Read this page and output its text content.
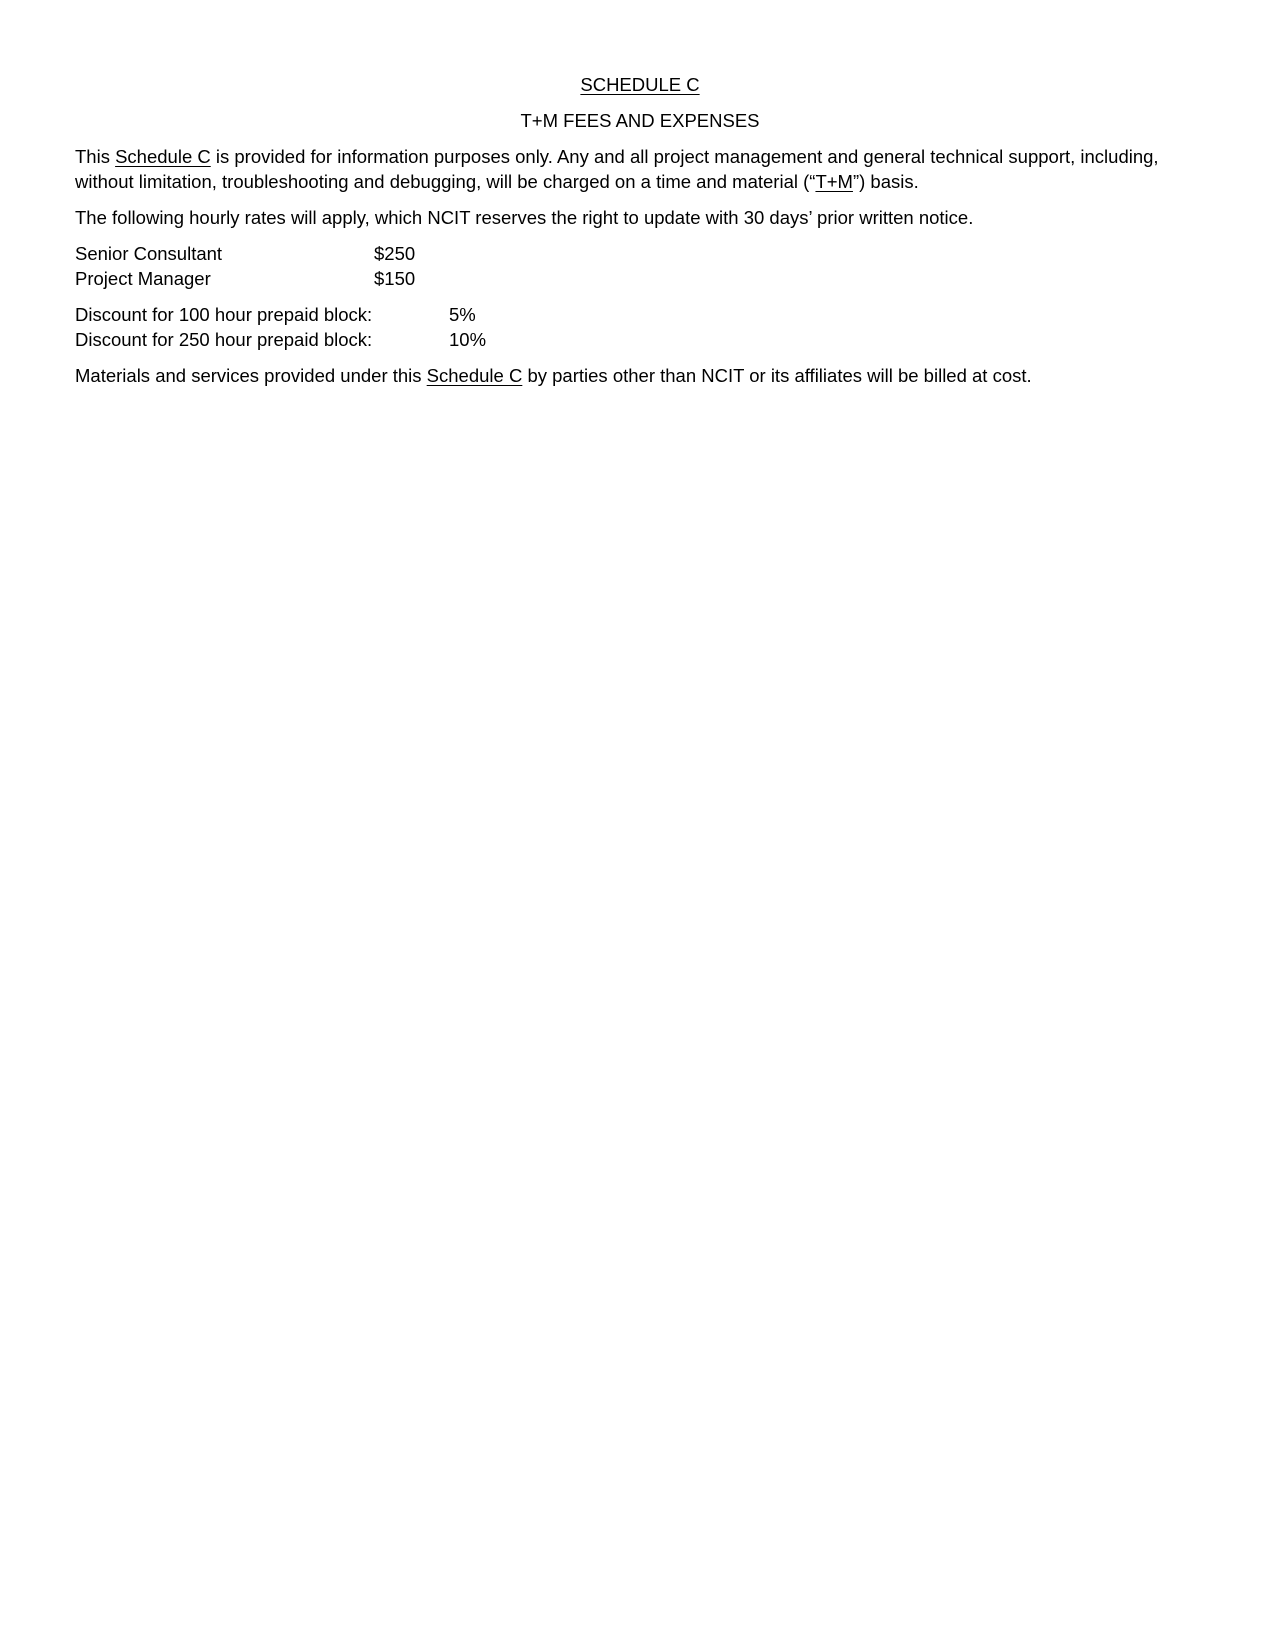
SCHEDULE C
T+M FEES AND EXPENSES

This Schedule C is provided for information purposes only. Any and all project management and general technical support, including, without limitation, troubleshooting and debugging, will be charged on a time and material (“T+M”) basis.

The following hourly rates will apply, which NCIT reserves the right to update with 30 days’ prior written notice.

Senior Consultant	$250
Project Manager	$150
Discount for 100 hour prepaid block:	5%
Discount for 250 hour prepaid block:	10%

Materials and services provided under this Schedule C by parties other than NCIT or its affiliates will be billed at cost.
